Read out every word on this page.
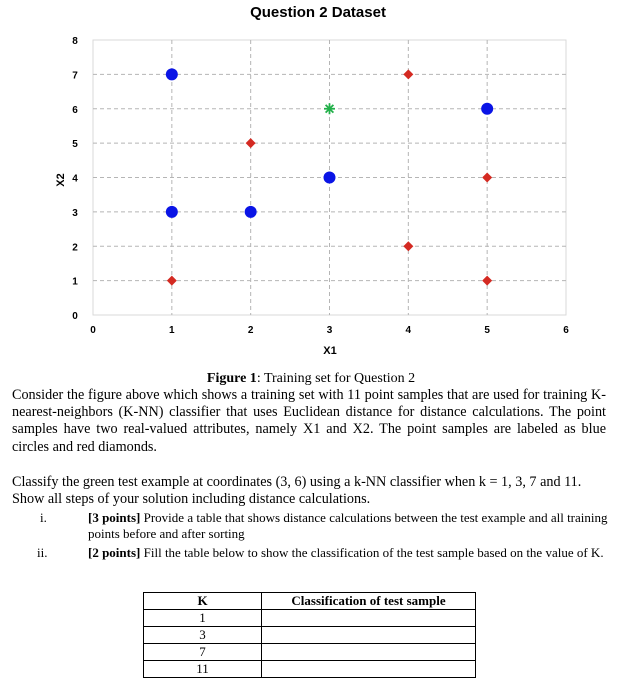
Question 2 Dataset
0	1	2	3	4	5	6
0
1
2
3
4
5
6
7
8
X1
X2
Figure 1: Training set for Question 2
Consider the figure above which shows a training set with 11 point samples that are used for training K-nearest-neighbors (K-NN) classifier that uses Euclidean distance for distance calculations. The point samples have two real-valued attributes, namely X1 and X2. The point samples are labeled as blue circles and red diamonds.
Classify the green test example at coordinates (3, 6) using a k-NN classifier when k = 1, 3, 7 and 11. Show all steps of your solution including distance calculations.
i.	[3 points] Provide a table that shows distance calculations between the test example and all training points before and after sorting
ii.	[2 points] Fill the table below to show the classification of the test sample based on the value of K.
K	Classification of test sample
1	
3	
7	
11	
